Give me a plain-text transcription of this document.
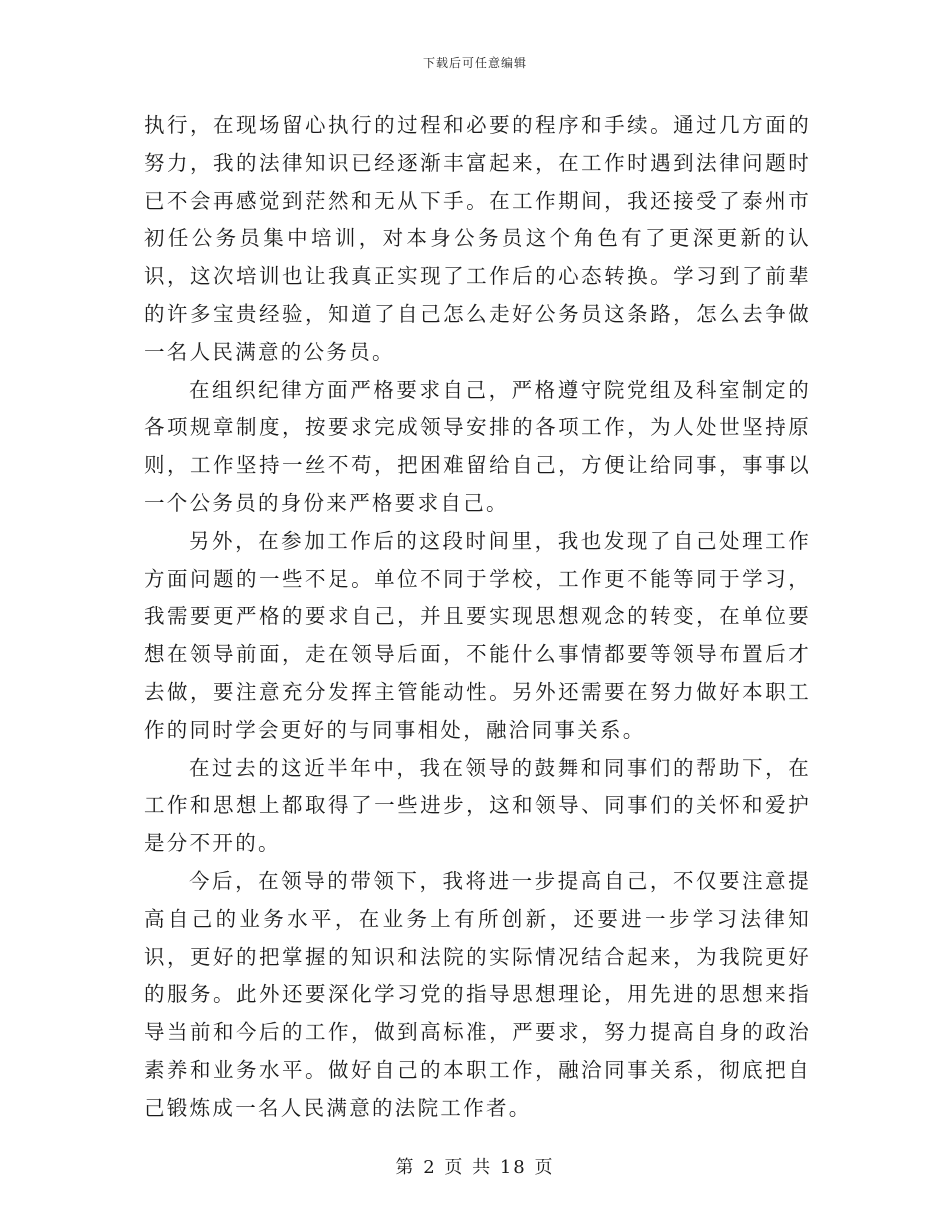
下载后可任意编辑

执行，在现场留心执行的过程和必要的程序和手续。通过几方面的努力，我的法律知识已经逐渐丰富起来，在工作时遇到法律问题时已不会再感觉到茫然和无从下手。在工作期间，我还接受了泰州市初任公务员集中培训，对本身公务员这个角色有了更深更新的认识，这次培训也让我真正实现了工作后的心态转换。学习到了前辈的许多宝贵经验，知道了自己怎么走好公务员这条路，怎么去争做一名人民满意的公务员。

在组织纪律方面严格要求自己，严格遵守院党组及科室制定的各项规章制度，按要求完成领导安排的各项工作，为人处世坚持原则，工作坚持一丝不苟，把困难留给自己，方便让给同事，事事以一个公务员的身份来严格要求自己。

另外，在参加工作后的这段时间里，我也发现了自己处理工作方面问题的一些不足。单位不同于学校，工作更不能等同于学习，我需要更严格的要求自己，并且要实现思想观念的转变，在单位要想在领导前面，走在领导后面，不能什么事情都要等领导布置后才去做，要注意充分发挥主管能动性。另外还需要在努力做好本职工作的同时学会更好的与同事相处，融洽同事关系。

在过去的这近半年中，我在领导的鼓舞和同事们的帮助下，在工作和思想上都取得了一些进步，这和领导、同事们的关怀和爱护是分不开的。

今后，在领导的带领下，我将进一步提高自己，不仅要注意提高自己的业务水平，在业务上有所创新，还要进一步学习法律知识，更好的把掌握的知识和法院的实际情况结合起来，为我院更好的服务。此外还要深化学习党的指导思想理论，用先进的思想来指导当前和今后的工作，做到高标准，严要求，努力提高自身的政治素养和业务水平。做好自己的本职工作，融洽同事关系，彻底把自己锻炼成一名人民满意的法院工作者。

第 2 页 共 18 页
